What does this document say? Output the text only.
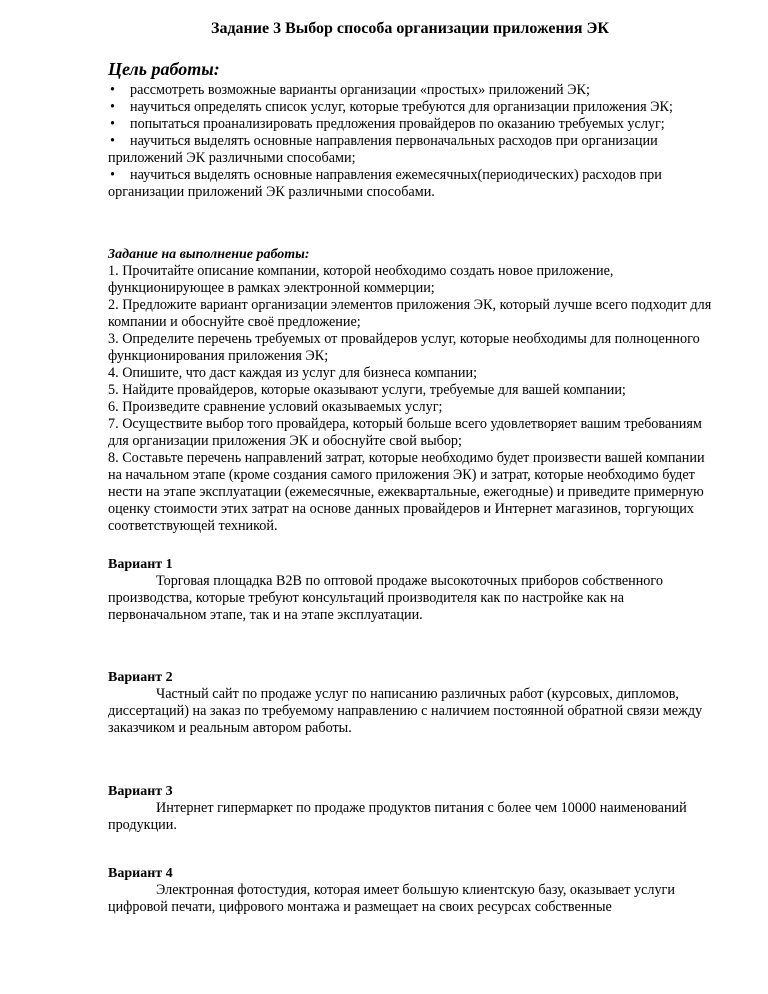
Задание 3 Выбор способа организации приложения ЭК
Цель работы:

• рассмотреть возможные варианты организации «простых» приложений ЭК;

• научиться определять список услуг, которые требуются для организации приложения ЭК;

• попытаться проанализировать предложения провайдеров по оказанию требуемых услуг;

• научиться выделять основные направления первоначальных расходов при организации приложений ЭК различными способами;

• научиться выделять основные направления ежемесячных(периодических) расходов при организации приложений ЭК различными способами.

Задание на выполнение работы:

1. Прочитайте описание компании, которой необходимо создать новое приложение, функционирующее в рамках электронной коммерции;

2. Предложите вариант организации элементов приложения ЭК, который лучше всего подходит для компании и обоснуйте своё предложение;

3. Определите перечень требуемых от провайдеров услуг, которые необходимы для полноценного функционирования приложения ЭК;

4. Опишите, что даст каждая из услуг для бизнеса компании;

5. Найдите провайдеров, которые оказывают услуги, требуемые для вашей компании;

6. Произведите сравнение условий оказываемых услуг;

7. Осуществите выбор того провайдера, который больше всего удовлетворяет вашим требованиям для организации приложения ЭК и обоснуйте свой выбор;

8. Составьте перечень направлений затрат, которые необходимо будет произвести вашей компании на начальном этапе (кроме создания самого приложения ЭК) и затрат, которые необходимо будет нести на этапе эксплуатации (ежемесячные, ежеквартальные, ежегодные) и приведите примерную оценку стоимости этих затрат на основе данных провайдеров и Интернет магазинов, торгующих соответствующей техникой.

Вариант 1

Торговая площадка B2B по оптовой продаже высокоточных приборов собственного производства, которые требуют консультаций производителя как по настройке как на первоначальном этапе, так и на этапе эксплуатации.

Вариант 2

Частный сайт по продаже услуг по написанию различных работ (курсовых, дипломов, диссертаций) на заказ по требуемому направлению с наличием постоянной обратной связи между заказчиком и реальным автором работы.

Вариант 3

Интернет гипермаркет по продаже продуктов питания с более чем 10000 наименований продукции.

Вариант 4

Электронная фотостудия, которая имеет большую клиентскую базу, оказывает услуги цифровой печати, цифрового монтажа и размещает на своих ресурсах собственные
